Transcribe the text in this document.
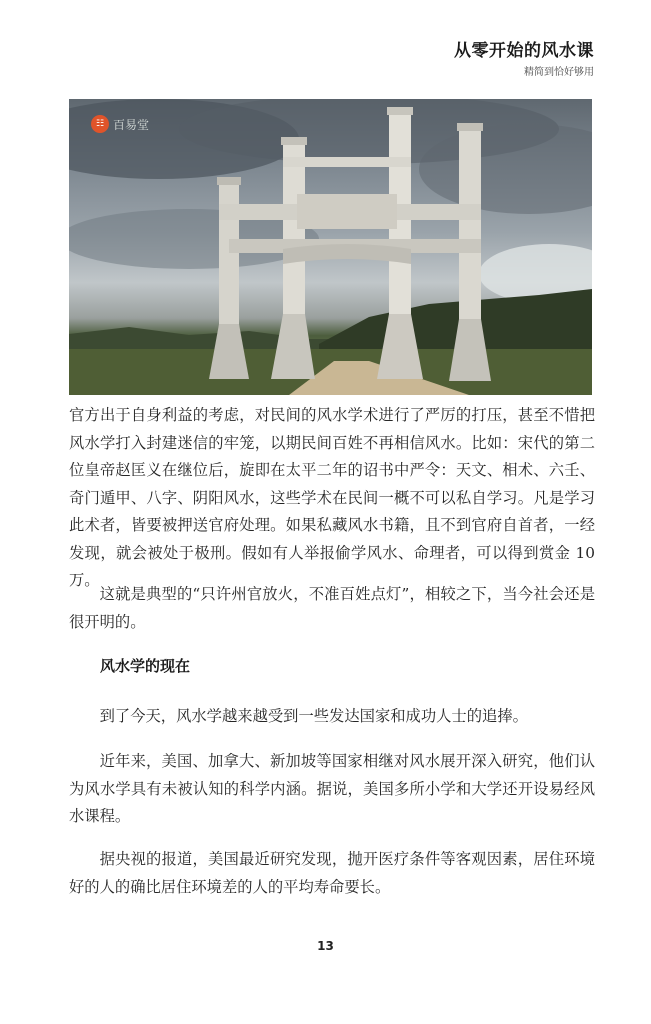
从零开始的风水课
精简到恰好够用
☷ 百易堂

官方出于自身利益的考虑，对民间的风水学术进行了严厉的打压，甚至不惜把风水学打入封建迷信的牢笼，以期民间百姓不再相信风水。比如：宋代的第二位皇帝赵匡义在继位后，旋即在太平二年的诏书中严令：天文、相术、六壬、奇门遁甲、八字、阴阳风水，这些学术在民间一概不可以私自学习。凡是学习此术者，皆要被押送官府处理。如果私藏风水书籍，且不到官府自首者，一经发现，就会被处于极刑。假如有人举报偷学风水、命理者，可以得到赏金 10 万。

这就是典型的“只许州官放火，不准百姓点灯”，相较之下，当今社会还是很开明的。

风水学的现在

到了今天，风水学越来越受到一些发达国家和成功人士的追捧。

近年来，美国、加拿大、新加坡等国家相继对风水展开深入研究，他们认为风水学具有未被认知的科学内涵。据说，美国多所小学和大学还开设易经风水课程。

据央视的报道，美国最近研究发现，抛开医疗条件等客观因素，居住环境好的人的确比居住环境差的人的平均寿命要长。

13
